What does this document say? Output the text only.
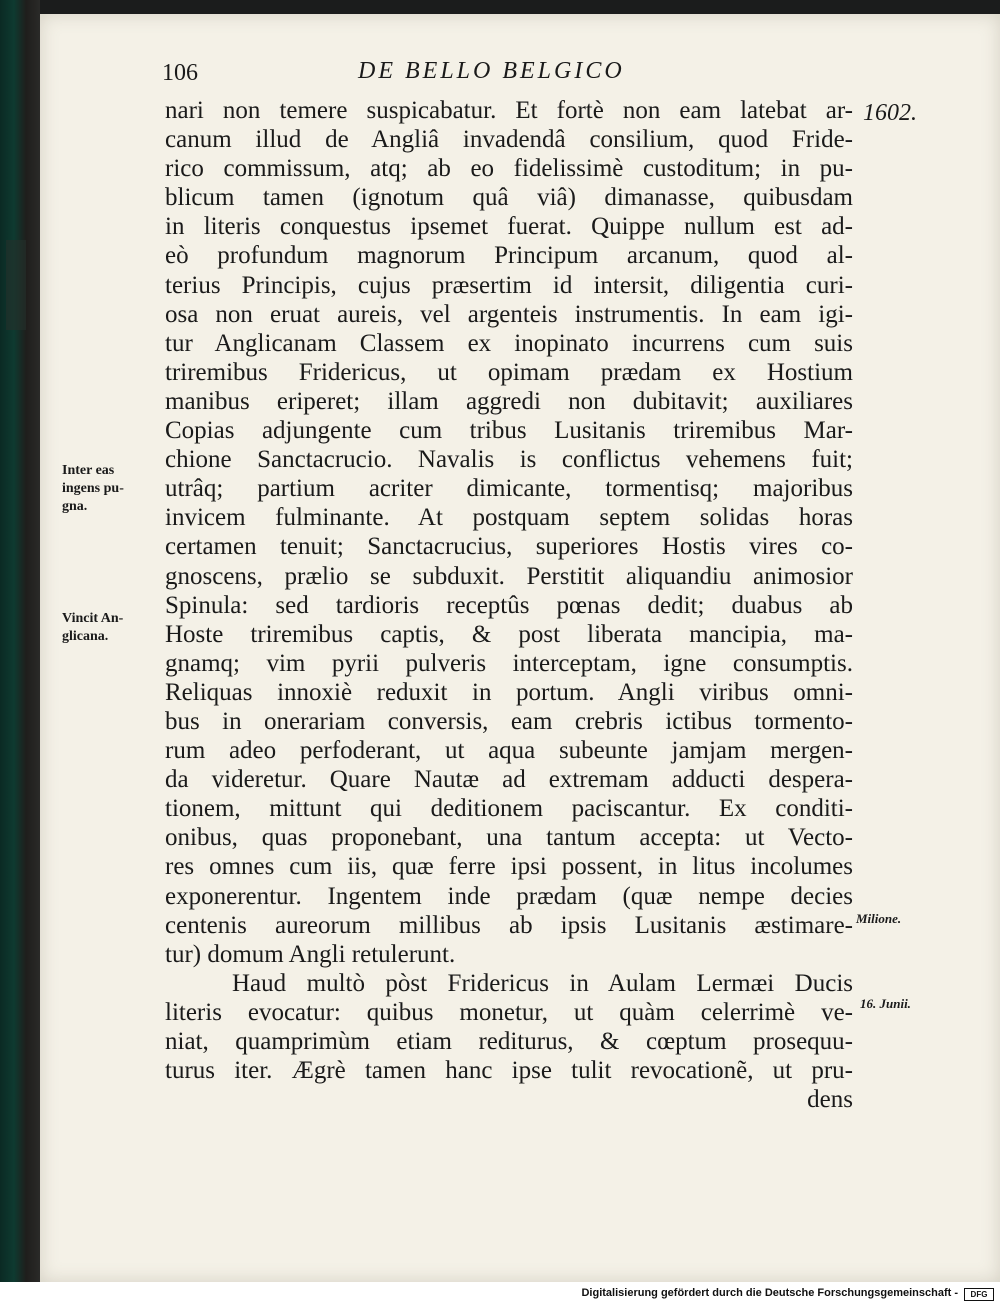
106	DE BELLO BELGICO
1602.
Inter eas
ingens pu-
gna.
Vincit An-
glicana.
Milione.
16. Junii.
nari non temere suspicabatur. Et fortè non eam latebat ar-
canum illud de Angliâ invadendâ consilium, quod Fride-
rico commissum, atq; ab eo fidelissimè custoditum; in pu-
blicum tamen (ignotum quâ viâ) dimanasse, quibusdam
in literis conquestus ipsemet fuerat. Quippe nullum est ad-
eò profundum magnorum Principum arcanum, quod al-
terius Principis, cujus præsertim id intersit, diligentia curi-
osa non eruat aureis, vel argenteis instrumentis. In eam igi-
tur Anglicanam Classem ex inopinato incurrens cum suis
triremibus Fridericus, ut opimam prædam ex Hostium
manibus eriperet; illam aggredi non dubitavit; auxiliares
Copias adjungente cum tribus Lusitanis triremibus Mar-
chione Sanctacrucio. Navalis is conflictus vehemens fuit;
utrâq; partium acriter dimicante, tormentisq; majoribus
invicem fulminante. At postquam septem solidas horas
certamen tenuit; Sanctacrucius, superiores Hostis vires co-
gnoscens, prælio se subduxit. Perstitit aliquandiu animosior
Spinula: sed tardioris receptûs pœnas dedit; duabus ab
Hoste triremibus captis, & post liberata mancipia, ma-
gnamq; vim pyrii pulveris interceptam, igne consumptis.
Reliquas innoxiè reduxit in portum. Angli viribus omni-
bus in onerariam conversis, eam crebris ictibus tormento-
rum adeo perfoderant, ut aqua subeunte jamjam mergen-
da videretur. Quare Nautæ ad extremam adducti despera-
tionem, mittunt qui deditionem paciscantur. Ex conditi-
onibus, quas proponebant, una tantum accepta: ut Vecto-
res omnes cum iis, quæ ferre ipsi possent, in litus incolumes
exponerentur. Ingentem inde prædam (quæ nempe decies
centenis aureorum millibus ab ipsis Lusitanis æstimare-
tur) domum Angli retulerunt.
Haud multò pòst Fridericus in Aulam Lermæi Ducis
literis evocatur: quibus monetur, ut quàm celerrimè ve-
niat, quamprimùm etiam rediturus, & cœptum prosequu-
turus iter. Ægrè tamen hanc ipse tulit revocationẽ, ut pru-
dens
Digitalisierung gefördert durch die Deutsche Forschungsgemeinschaft -	DFG
